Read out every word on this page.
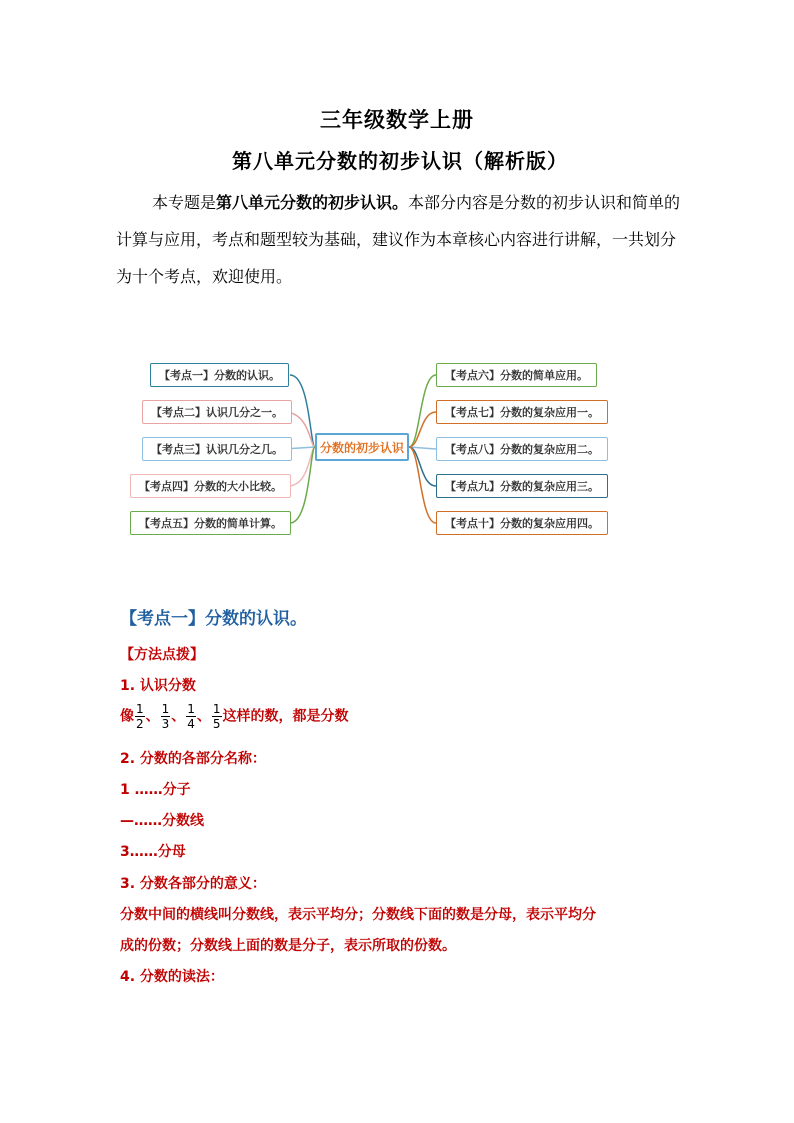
三年级数学上册
第八单元分数的初步认识（解析版）
本专题是第八单元分数的初步认识。本部分内容是分数的初步认识和简单的计算与应用，考点和题型较为基础，建议作为本章核心内容进行讲解，一共划分为十个考点，欢迎使用。
分数的初步认识
【考点一】分数的认识。
【考点二】认识几分之一。
【考点三】认识几分之几。
【考点四】分数的大小比较。
【考点五】分数的简单计算。
【考点六】分数的简单应用。
【考点七】分数的复杂应用一。
【考点八】分数的复杂应用二。
【考点九】分数的复杂应用三。
【考点十】分数的复杂应用四。
【考点一】分数的认识。
【方法点拨】
1. 认识分数
像 $\frac{1}{2}$ 、 $\frac{1}{3}$ 、 $\frac{1}{4}$ 、 $\frac{1}{5}$ 这样的数，都是分数
2. 分数的各部分名称：
1 ……分子
—……分数线
3……分母
3. 分数各部分的意义：
分数中间的横线叫分数线，表示平均分；分数线下面的数是分母，表示平均分
成的份数；分数线上面的数是分子，表示所取的份数。
4. 分数的读法：
